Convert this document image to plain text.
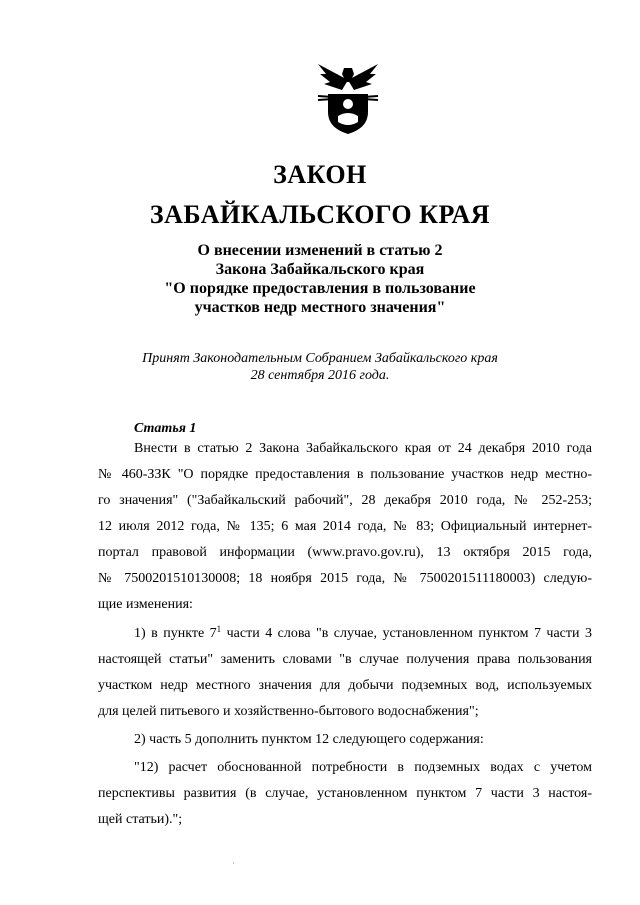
ЗАКОН
ЗАБАЙКАЛЬСКОГО КРАЯ
О внесении изменений в статью 2
Закона Забайкальского края
"О порядке предоставления в пользование
участков недр местного значения"
Принят Законодательным Собранием Забайкальского края
28 сентября 2016 года.
Статья 1
Внести в статью 2 Закона Забайкальского края от 24 декабря 2010 года
№ 460-ЗЗК "О порядке предоставления в пользование участков недр местно-
го значения" ("Забайкальский рабочий", 28 декабря 2010 года, № 252-253;
12 июля 2012 года, № 135; 6 мая 2014 года, № 83; Официальный интернет-
портал правовой информации (www.pravo.gov.ru), 13 октября 2015 года,
№ 7500201510130008; 18 ноября 2015 года, № 7500201511180003) следую-
щие изменения:
1) в пункте $7^1$ части 4 слова "в случае, установленном пунктом 7 части 3
настоящей статьи" заменить словами "в случае получения права пользования
участком недр местного значения для добычи подземных вод, используемых
для целей питьевого и хозяйственно-бытового водоснабжения";
2) часть 5 дополнить пунктом 12 следующего содержания:
"12) расчет обоснованной потребности в подземных водах с учетом
перспективы развития (в случае, установленном пунктом 7 части 3 настоя-
щей статьи).";
